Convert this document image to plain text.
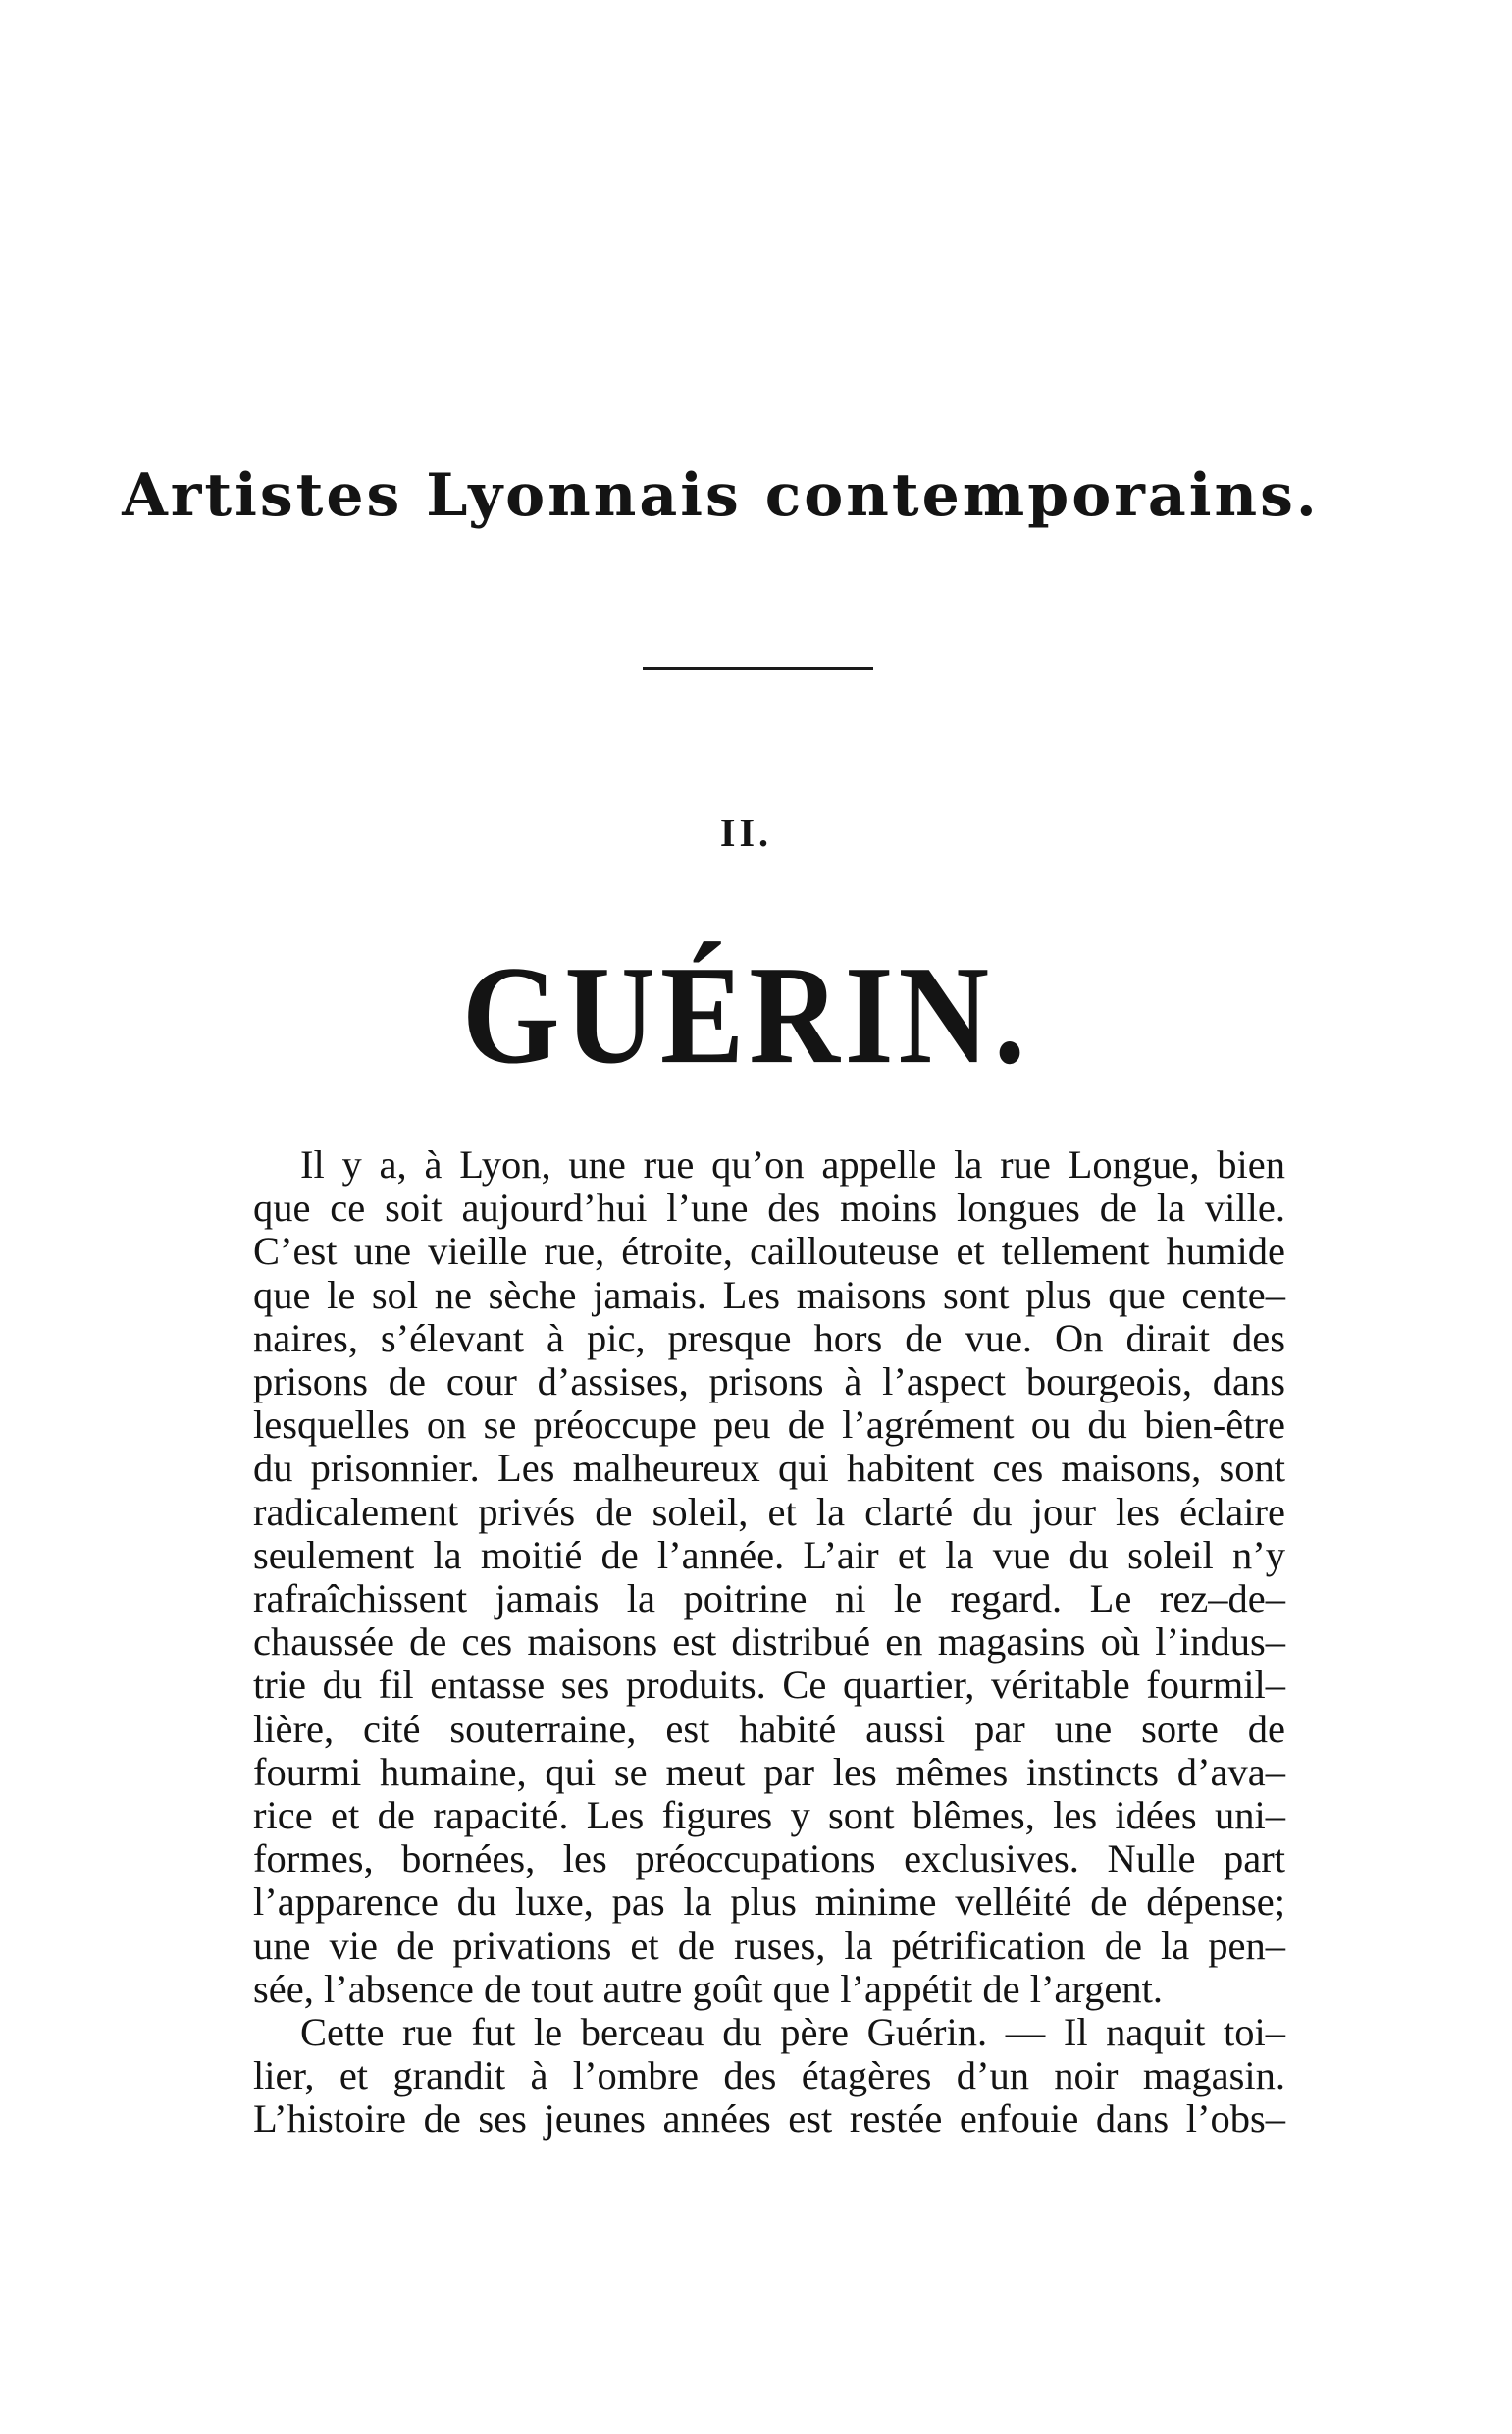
Artistes Lyonnais contemporains.
II.
GUÉRIN.

Il y a, à Lyon, une rue qu’on appelle la rue Longue, bien
que ce soit aujourd’hui l’une des moins longues de la ville.
C’est une vieille rue, étroite, caillouteuse et tellement humide
que le sol ne sèche jamais. Les maisons sont plus que cente–
naires, s’élevant à pic, presque hors de vue. On dirait des
prisons de cour d’assises, prisons à l’aspect bourgeois, dans
lesquelles on se préoccupe peu de l’agrément ou du bien-être
du prisonnier. Les malheureux qui habitent ces maisons, sont
radicalement privés de soleil, et la clarté du jour les éclaire
seulement la moitié de l’année. L’air et la vue du soleil n’y
rafraîchissent jamais la poitrine ni le regard. Le rez–de–
chaussée de ces maisons est distribué en magasins où l’indus–
trie du fil entasse ses produits. Ce quartier, véritable fourmil–
lière, cité souterraine, est habité aussi par une sorte de
fourmi humaine, qui se meut par les mêmes instincts d’ava–
rice et de rapacité. Les figures y sont blêmes, les idées uni–
formes, bornées, les préoccupations exclusives. Nulle part
l’apparence du luxe, pas la plus minime velléité de dépense;
une vie de privations et de ruses, la pétrification de la pen–
sée, l’absence de tout autre goût que l’appétit de l’argent.

Cette rue fut le berceau du père Guérin. — Il naquit toi–
lier, et grandit à l’ombre des étagères d’un noir magasin.
L’histoire de ses jeunes années est restée enfouie dans l’obs–
